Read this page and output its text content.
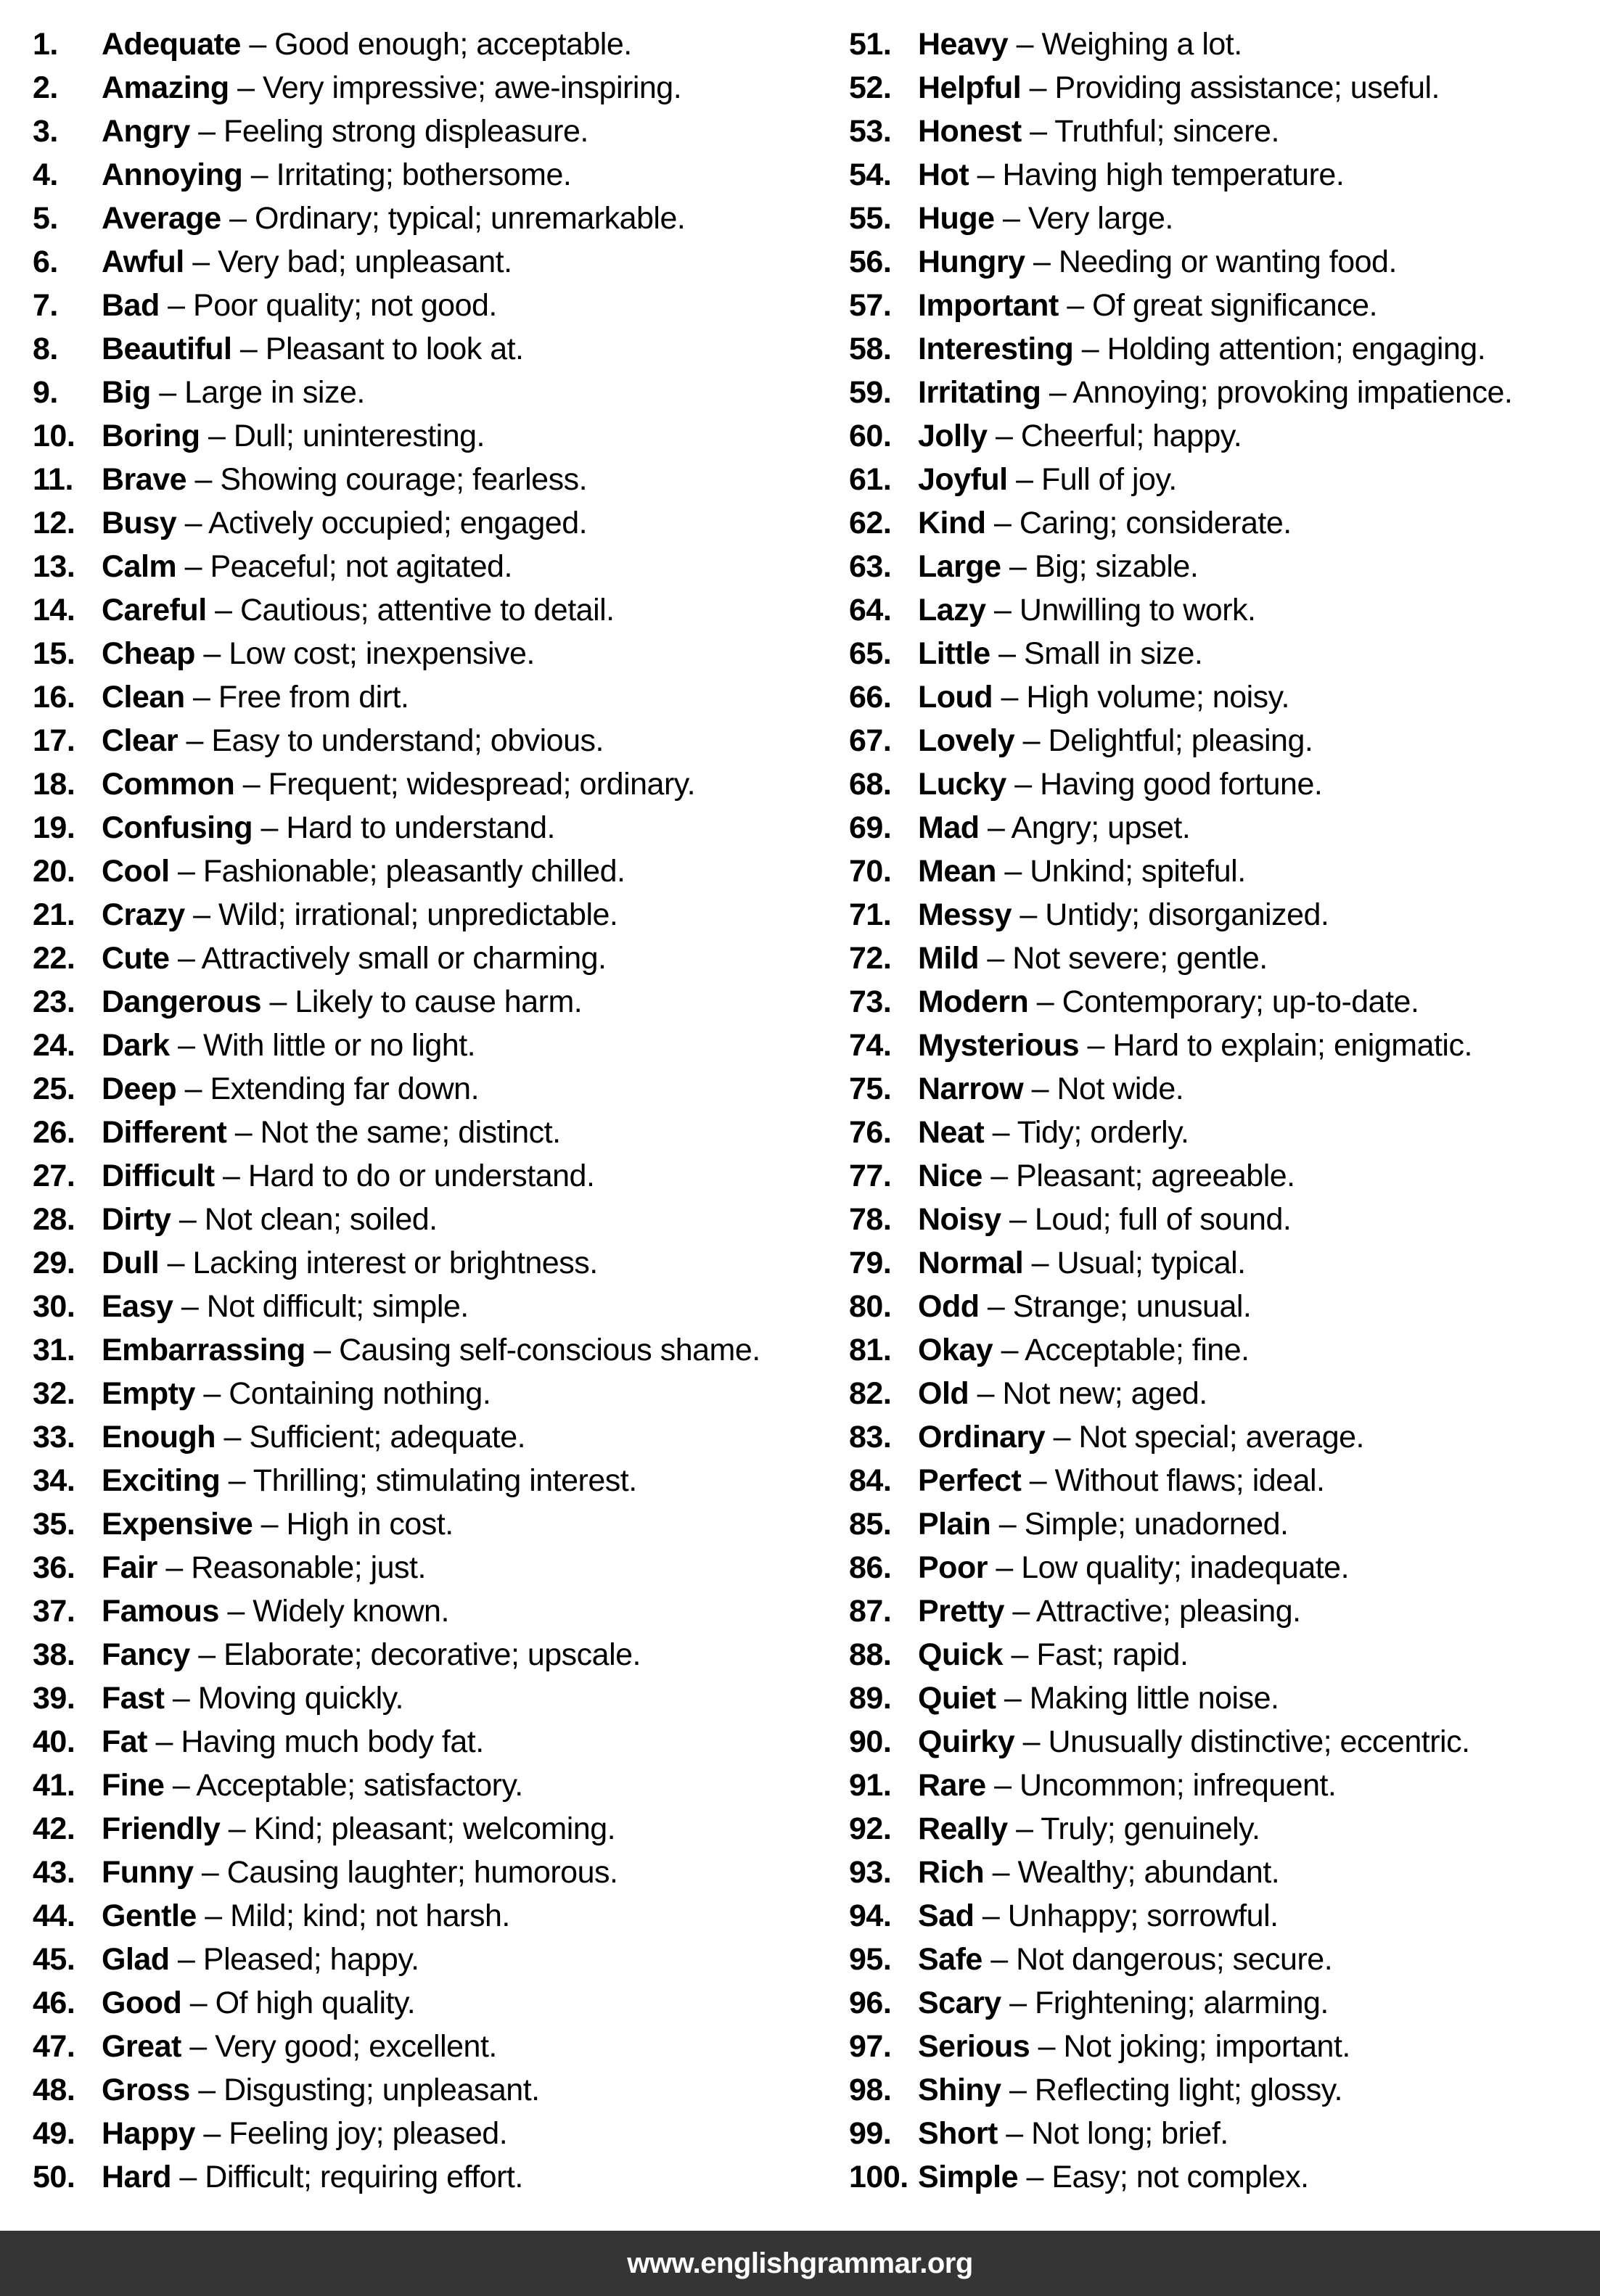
1.	Adequate – Good enough; acceptable.
2.	Amazing – Very impressive; awe-inspiring.
3.	Angry – Feeling strong displeasure.
4.	Annoying – Irritating; bothersome.
5.	Average – Ordinary; typical; unremarkable.
6.	Awful – Very bad; unpleasant.
7.	Bad – Poor quality; not good.
8.	Beautiful – Pleasant to look at.
9.	Big – Large in size.
10. Boring – Dull; uninteresting.
11. Brave – Showing courage; fearless.
12. Busy – Actively occupied; engaged.
13. Calm – Peaceful; not agitated.
14. Careful – Cautious; attentive to detail.
15. Cheap – Low cost; inexpensive.
16. Clean – Free from dirt.
17. Clear – Easy to understand; obvious.
18. Common – Frequent; widespread; ordinary.
19. Confusing – Hard to understand.
20. Cool – Fashionable; pleasantly chilled.
21. Crazy – Wild; irrational; unpredictable.
22. Cute – Attractively small or charming.
23. Dangerous – Likely to cause harm.
24. Dark – With little or no light.
25. Deep – Extending far down.
26. Different – Not the same; distinct.
27. Difficult – Hard to do or understand.
28. Dirty – Not clean; soiled.
29. Dull – Lacking interest or brightness.
30. Easy – Not difficult; simple.
31. Embarrassing – Causing self-conscious shame.
32. Empty – Containing nothing.
33. Enough – Sufficient; adequate.
34. Exciting – Thrilling; stimulating interest.
35. Expensive – High in cost.
36. Fair – Reasonable; just.
37. Famous – Widely known.
38. Fancy – Elaborate; decorative; upscale.
39. Fast – Moving quickly.
40. Fat – Having much body fat.
41. Fine – Acceptable; satisfactory.
42. Friendly – Kind; pleasant; welcoming.
43. Funny – Causing laughter; humorous.
44. Gentle – Mild; kind; not harsh.
45. Glad – Pleased; happy.
46. Good – Of high quality.
47. Great – Very good; excellent.
48. Gross – Disgusting; unpleasant.
49. Happy – Feeling joy; pleased.
50. Hard – Difficult; requiring effort.
51. Heavy – Weighing a lot.
52. Helpful – Providing assistance; useful.
53. Honest – Truthful; sincere.
54. Hot – Having high temperature.
55. Huge – Very large.
56. Hungry – Needing or wanting food.
57. Important – Of great significance.
58. Interesting – Holding attention; engaging.
59. Irritating – Annoying; provoking impatience.
60. Jolly – Cheerful; happy.
61. Joyful – Full of joy.
62. Kind – Caring; considerate.
63. Large – Big; sizable.
64. Lazy – Unwilling to work.
65. Little – Small in size.
66. Loud – High volume; noisy.
67. Lovely – Delightful; pleasing.
68. Lucky – Having good fortune.
69. Mad – Angry; upset.
70. Mean – Unkind; spiteful.
71. Messy – Untidy; disorganized.
72. Mild – Not severe; gentle.
73. Modern – Contemporary; up-to-date.
74. Mysterious – Hard to explain; enigmatic.
75. Narrow – Not wide.
76. Neat – Tidy; orderly.
77. Nice – Pleasant; agreeable.
78. Noisy – Loud; full of sound.
79. Normal – Usual; typical.
80. Odd – Strange; unusual.
81. Okay – Acceptable; fine.
82. Old – Not new; aged.
83. Ordinary – Not special; average.
84. Perfect – Without flaws; ideal.
85. Plain – Simple; unadorned.
86. Poor – Low quality; inadequate.
87. Pretty – Attractive; pleasing.
88. Quick – Fast; rapid.
89. Quiet – Making little noise.
90. Quirky – Unusually distinctive; eccentric.
91. Rare – Uncommon; infrequent.
92. Really – Truly; genuinely.
93. Rich – Wealthy; abundant.
94. Sad – Unhappy; sorrowful.
95. Safe – Not dangerous; secure.
96. Scary – Frightening; alarming.
97. Serious – Not joking; important.
98. Shiny – Reflecting light; glossy.
99. Short – Not long; brief.
100. Simple – Easy; not complex.
www.englishgrammar.org
